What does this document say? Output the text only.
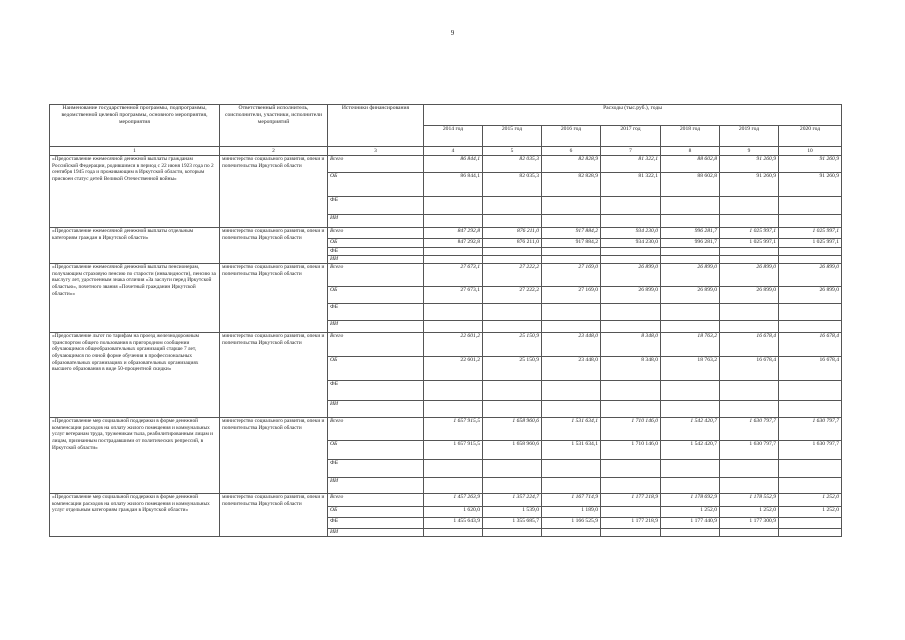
9
Наименование государственной программы, подпрограммы, ведомственной целевой программы, основного мероприятия, мероприятия	Ответственный исполнитель, соисполнители, участники, исполнители мероприятий	Источники финансирования	Расходы (тыс.руб.), годы						
			2014 год	2015 год	2016 год	2017 год	2018 год	2019 год	2020 год
1	2	3	4	5	6	7	8	9	10
«Предоставление ежемесячной денежной выплаты гражданам Российской Федерации, родившимся в период с 22 июня 1923 года по 2 сентября 1945 года и проживающим в Иркутской области, которым присвоен статус детей Великой Отечественной войны»	министерство социального развития, опеки и попечительства Иркутской области	Всего	86 844,1	82 035,3	82 828,9	81 322,1	88 602,8	91 260,9	91 260,9
		ОБ	86 844,1	82 035,3	82 828,9	81 322,1	88 602,8	91 260,9	91 260,9
		ФБ							
		ИИ							
«Предоставление ежемесячной денежной выплаты отдельным категориям граждан в Иркутской области»	министерство социального развития, опеки и попечительства Иркутской области	Всего	847 292,8	876 211,0	917 884,2	934 230,0	996 281,7	1 025 997,1	1 025 997,1
		ОБ	847 292,8	876 211,0	917 884,2	934 230,0	996 281,7	1 025 997,1	1 025 997,1
		ФБ							
		ИИ							
«Предоставление ежемесячной денежной выплаты пенсионерам, получающим страховую пенсию по старости (инвалидности), пенсию за выслугу лет, удостоенным знака отличия «За заслуги перед Иркутской областью», почетного звания «Почетный гражданин Иркутской области»»	министерство социального развития, опеки и попечительства Иркутской области	Всего	27 673,1	27 222,2	27 169,0	26 899,0	26 899,0	26 899,0	26 899,0
		ОБ	27 673,1	27 222,2	27 169,0	26 899,0	26 899,0	26 899,0	26 899,0
		ФБ							
		ИИ							
«Предоставление льгот по тарифам на проезд железнодорожным транспортом общего пользования в пригородном сообщении обучающимся общеобразовательных организаций старше 7 лет, обучающимся по очной форме обучения в профессиональных образовательных организациях и образовательных организациях высшего образования в виде 50-процентной скидки»	министерство социального развития, опеки и попечительства Иркутской области	Всего	22 601,2	25 150,9	23 448,0	8 348,0	18 763,2	16 678,4	16 678,4
		ОБ	22 601,2	25 150,9	23 448,0	8 348,0	18 763,2	16 678,4	16 678,4
		ФБ							
		ИИ							
«Предоставление мер социальной поддержки в форме денежной компенсации расходов на оплату жилого помещения и коммунальных услуг ветеранам труда, труженикам тыла, реабилитированным лицам и лицам, признанным пострадавшими от политических репрессий, в Иркутской области»	министерство социального развития, опеки и попечительства Иркутской области	Всего	1 657 915,5	1 658 960,6	1 531 634,1	1 710 146,0	1 542 420,7	1 630 797,7	1 630 797,7
		ОБ	1 657 915,5	1 658 960,6	1 531 634,1	1 710 146,0	1 542 420,7	1 630 797,7	1 630 797,7
		ФБ							
		ИИ							
«Предоставление мер социальной поддержки в форме денежной компенсации расходов на оплату жилого помещения и коммунальных услуг отдельным категориям граждан в Иркутской области»	министерство социального развития, опеки и попечительства Иркутской области	Всего	1 457 263,9	1 357 224,7	1 167 714,9	1 177 218,9	1 178 692,9	1 178 552,9	1 252,0
		ОБ	1 620,0	1 539,0	1 189,0		1 252,0	1 252,0	1 252,0
		ФБ	1 455 643,9	1 355 685,7	1 166 525,9	1 177 218,9	1 177 440,9	1 177 300,9	
		ИИ							
